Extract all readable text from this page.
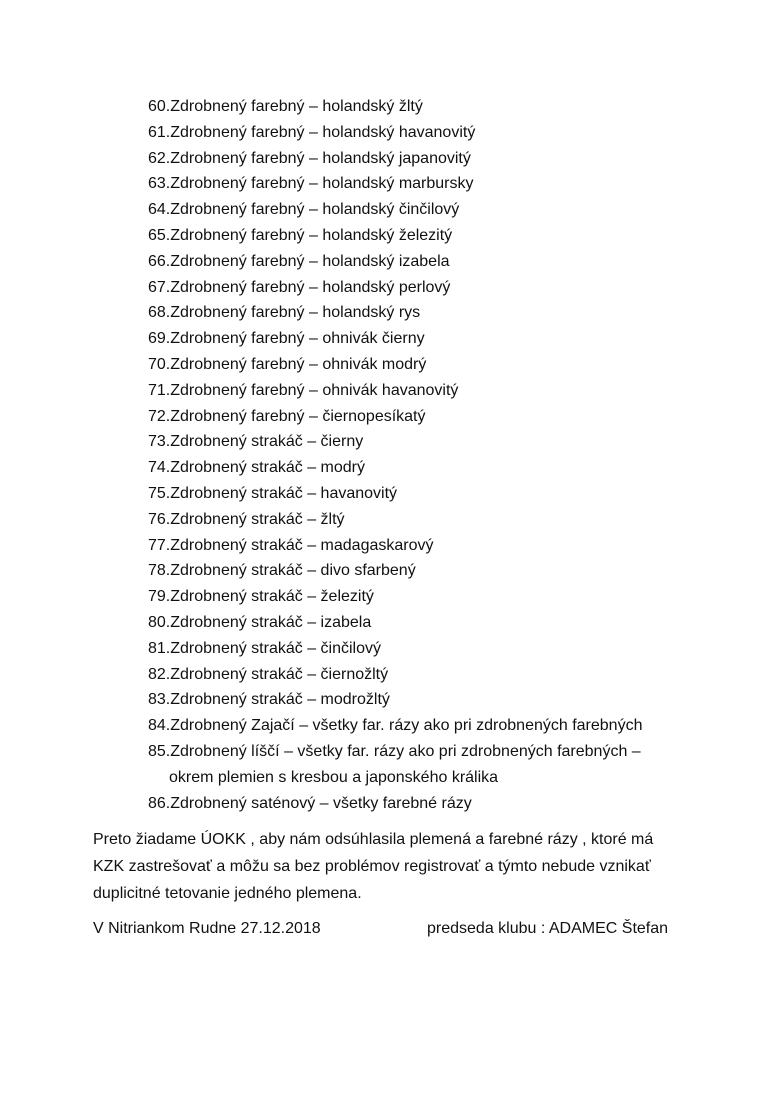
60.Zdrobnený farebný – holandský žltý
61.Zdrobnený farebný – holandský havanovitý
62.Zdrobnený farebný – holandský japanovitý
63.Zdrobnený farebný – holandský marbursky
64.Zdrobnený farebný – holandský činčilový
65.Zdrobnený farebný – holandský železitý
66.Zdrobnený farebný – holandský izabela
67.Zdrobnený farebný – holandský perlový
68.Zdrobnený farebný – holandský rys
69.Zdrobnený farebný – ohnivák čierny
70.Zdrobnený farebný – ohnivák modrý
71.Zdrobnený farebný – ohnivák havanovitý
72.Zdrobnený farebný – čiernopesíkatý
73.Zdrobnený strakáč – čierny
74.Zdrobnený strakáč – modrý
75.Zdrobnený strakáč – havanovitý
76.Zdrobnený strakáč – žltý
77.Zdrobnený strakáč – madagaskarový
78.Zdrobnený strakáč – divo sfarbený
79.Zdrobnený strakáč – železitý
80.Zdrobnený strakáč – izabela
81.Zdrobnený strakáč – činčilový
82.Zdrobnený strakáč – čiernožltý
83.Zdrobnený strakáč – modrožltý
84.Zdrobnený Zajačí – všetky far. rázy ako pri zdrobnených farebných
85.Zdrobnený líščí – všetky far. rázy ako pri zdrobnených farebných –
okrem plemien s kresbou a japonského králika
86.Zdrobnený saténový – všetky farebné rázy

Preto žiadame ÚOKK , aby nám odsúhlasila plemená a farebné rázy , ktoré má
KZK zastrešovať a môžu sa bez problémov registrovať a týmto nebude vznikať
duplicitné tetovanie jedného plemena.

V Nitriankom Rudne 27.12.2018	predseda klubu : ADAMEC Štefan
